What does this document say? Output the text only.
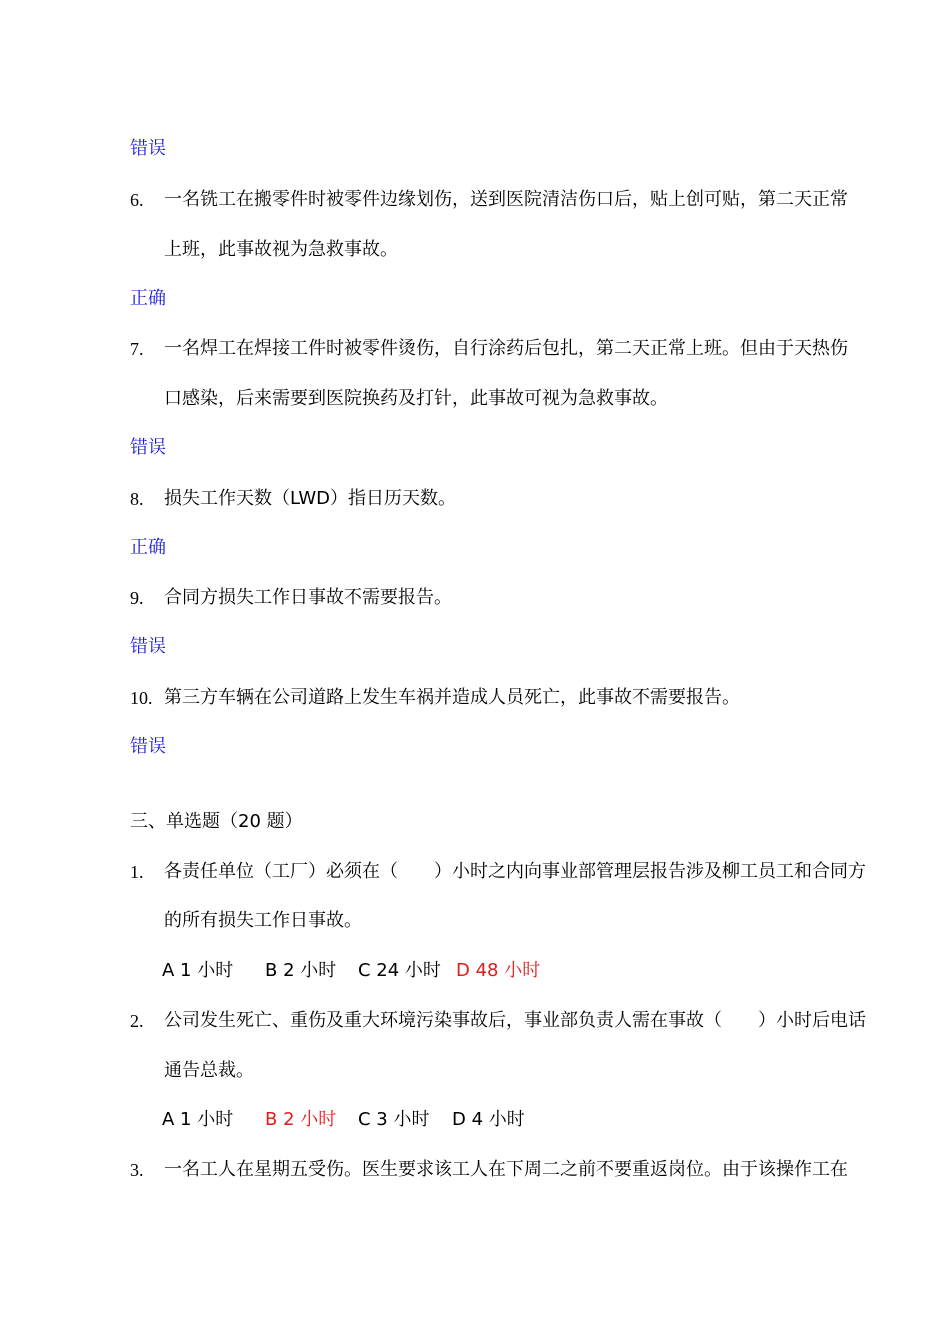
错误
6. 一名铣工在搬零件时被零件边缘划伤，送到医院清洁伤口后，贴上创可贴，第二天正常
上班，此事故视为急救事故。
正确
7. 一名焊工在焊接工件时被零件烫伤，自行涂药后包扎，第二天正常上班。但由于天热伤
口感染，后来需要到医院换药及打针，此事故可视为急救事故。
错误
8. 损失工作天数（LWD）指日历天数。
正确
9. 合同方损失工作日事故不需要报告。
错误
10. 第三方车辆在公司道路上发生车祸并造成人员死亡，此事故不需要报告。
错误
三、单选题（20 题）
1. 各责任单位（工厂）必须在（　　）小时之内向事业部管理层报告涉及柳工员工和合同方
的所有损失工作日事故。
A 1 小时 B 2 小时 C 24 小时 D 48 小时
2. 公司发生死亡、重伤及重大环境污染事故后，事业部负责人需在事故（　　）小时后电话
通告总裁。
A 1 小时 B 2 小时 C 3 小时 D 4 小时
3. 一名工人在星期五受伤。医生要求该工人在下周二之前不要重返岗位。由于该操作工在
